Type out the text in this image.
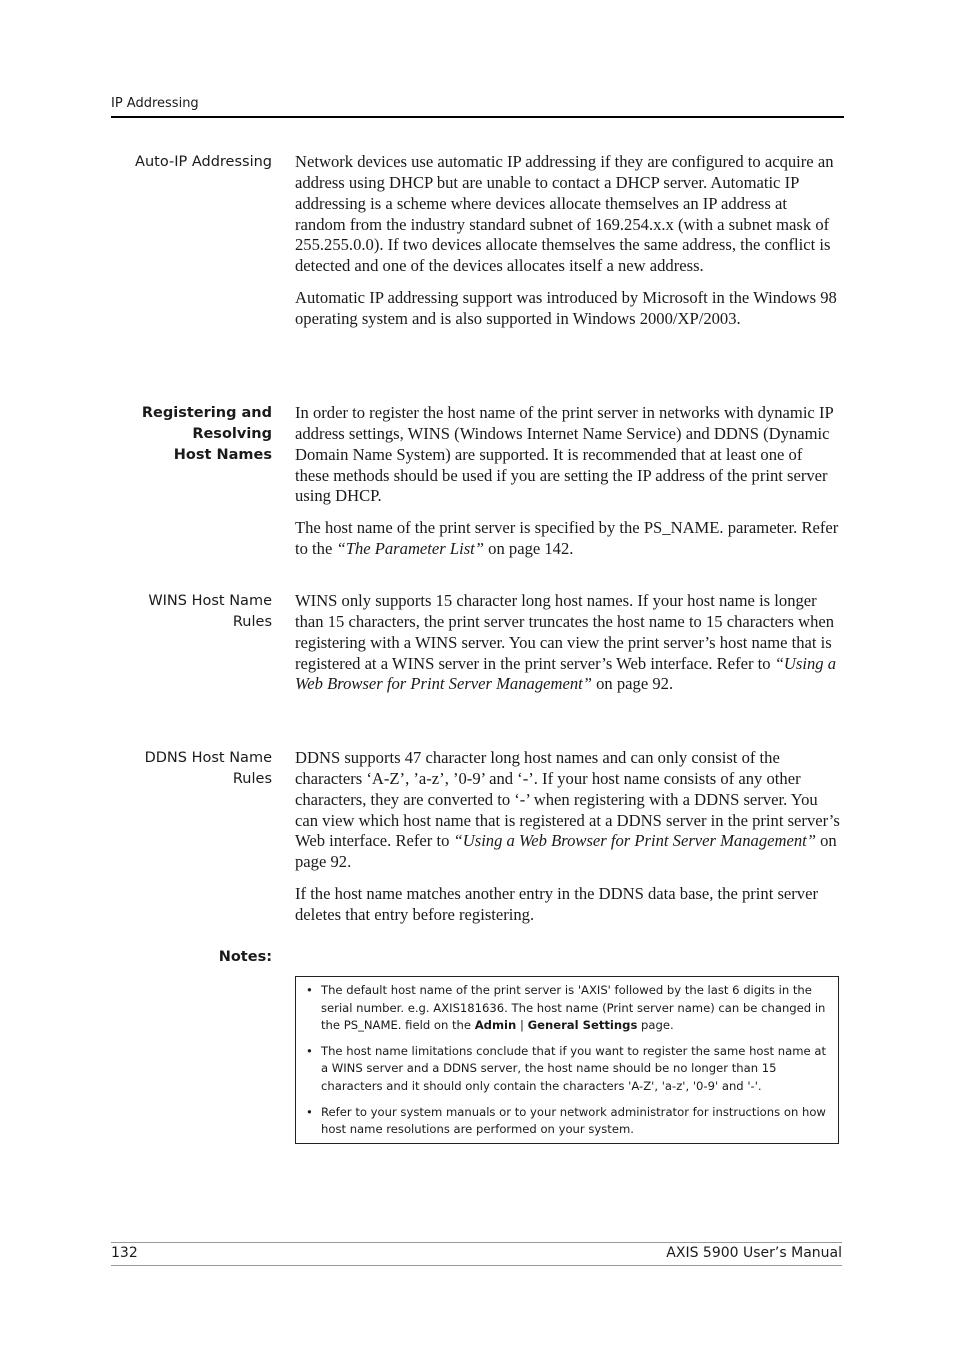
IP Addressing
Auto-IP Addressing Network devices use automatic IP addressing if they are configured to acquire an address using DHCP but are unable to contact a DHCP server. Automatic IP addressing is a scheme where devices allocate themselves an IP address at random from the industry standard subnet of 169.254.x.x (with a subnet mask of 255.255.0.0). If two devices allocate themselves the same address, the conflict is detected and one of the devices allocates itself a new address.

Automatic IP addressing support was introduced by Microsoft in the Windows 98 operating system and is also supported in Windows 2000/XP/2003.

Registering and
Resolving
Host Names

In order to register the host name of the print server in networks with dynamic IP address settings, WINS (Windows Internet Name Service) and DDNS (Dynamic Domain Name System) are supported. It is recommended that at least one of these methods should be used if you are setting the IP address of the print server using DHCP.

The host name of the print server is specified by the PS_NAME. parameter. Refer to the “The Parameter List” on page 142.

WINS Host Name
Rules

WINS only supports 15 character long host names. If your host name is longer than 15 characters, the print server truncates the host name to 15 characters when registering with a WINS server. You can view the print server’s host name that is registered at a WINS server in the print server’s Web interface. Refer to “Using a Web Browser for Print Server Management” on page 92.

DDNS Host Name
Rules

DDNS supports 47 character long host names and can only consist of the characters ‘A-Z’, ’a-z’, ’0-9’ and ‘-’. If your host name consists of any other characters, they are converted to ‘-’ when registering with a DDNS server. You can view which host name that is registered at a DDNS server in the print server’s Web interface. Refer to “Using a Web Browser for Print Server Management” on page 92.

If the host name matches another entry in the DDNS data base, the print server deletes that entry before registering.

Notes:
• The default host name of the print server is 'AXIS' followed by the last 6 digits in the serial number. e.g. AXIS181636. The host name (Print server name) can be changed in the PS_NAME. field on the Admin | General Settings page.
• The host name limitations conclude that if you want to register the same host name at a WINS server and a DDNS server, the host name should be no longer than 15 characters and it should only contain the characters 'A-Z', 'a-z', '0-9' and '-'.
• Refer to your system manuals or to your network administrator for instructions on how host name resolutions are performed on your system.
132	AXIS 5900 User’s Manual
